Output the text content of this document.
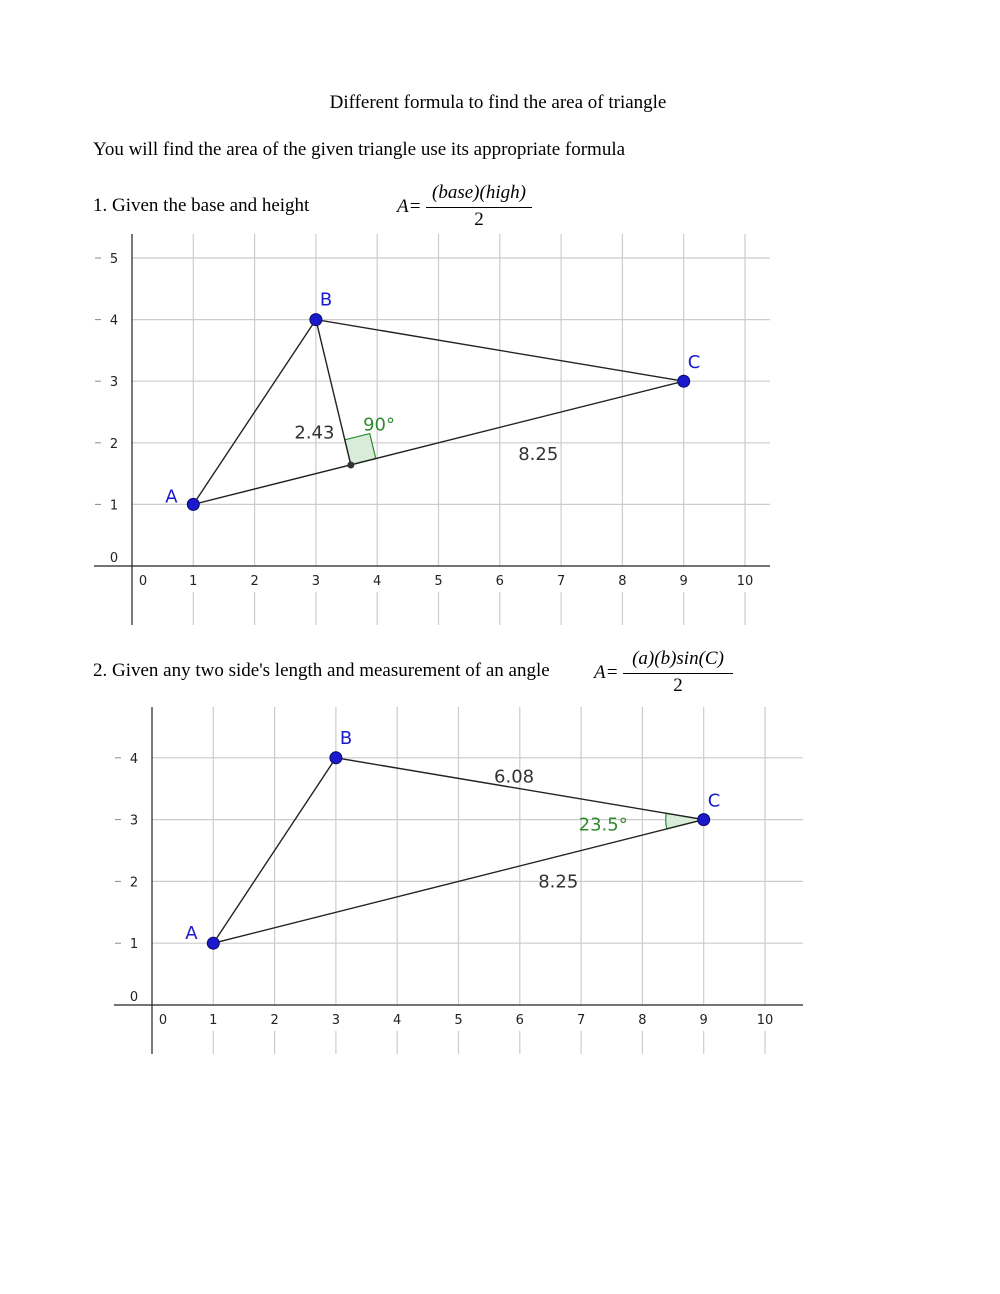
Different formula to find the area of triangle
You will find the area of the given triangle use its appropriate formula
1. Given the base and height	A=
(base)(high)
2
2. Given any two side's length and measurement of an angle A=
(a)(b)sin(C)
2
0	1	2	3	4	5	6	7	8	9	10
0
1
2
3
4
5
2.43
8.25
90°
A
B
C
0	1	2	3	4	5	6	7	8	9	10
0
1
2
3
4
6.08
8.25
23.5°
A
B
C
